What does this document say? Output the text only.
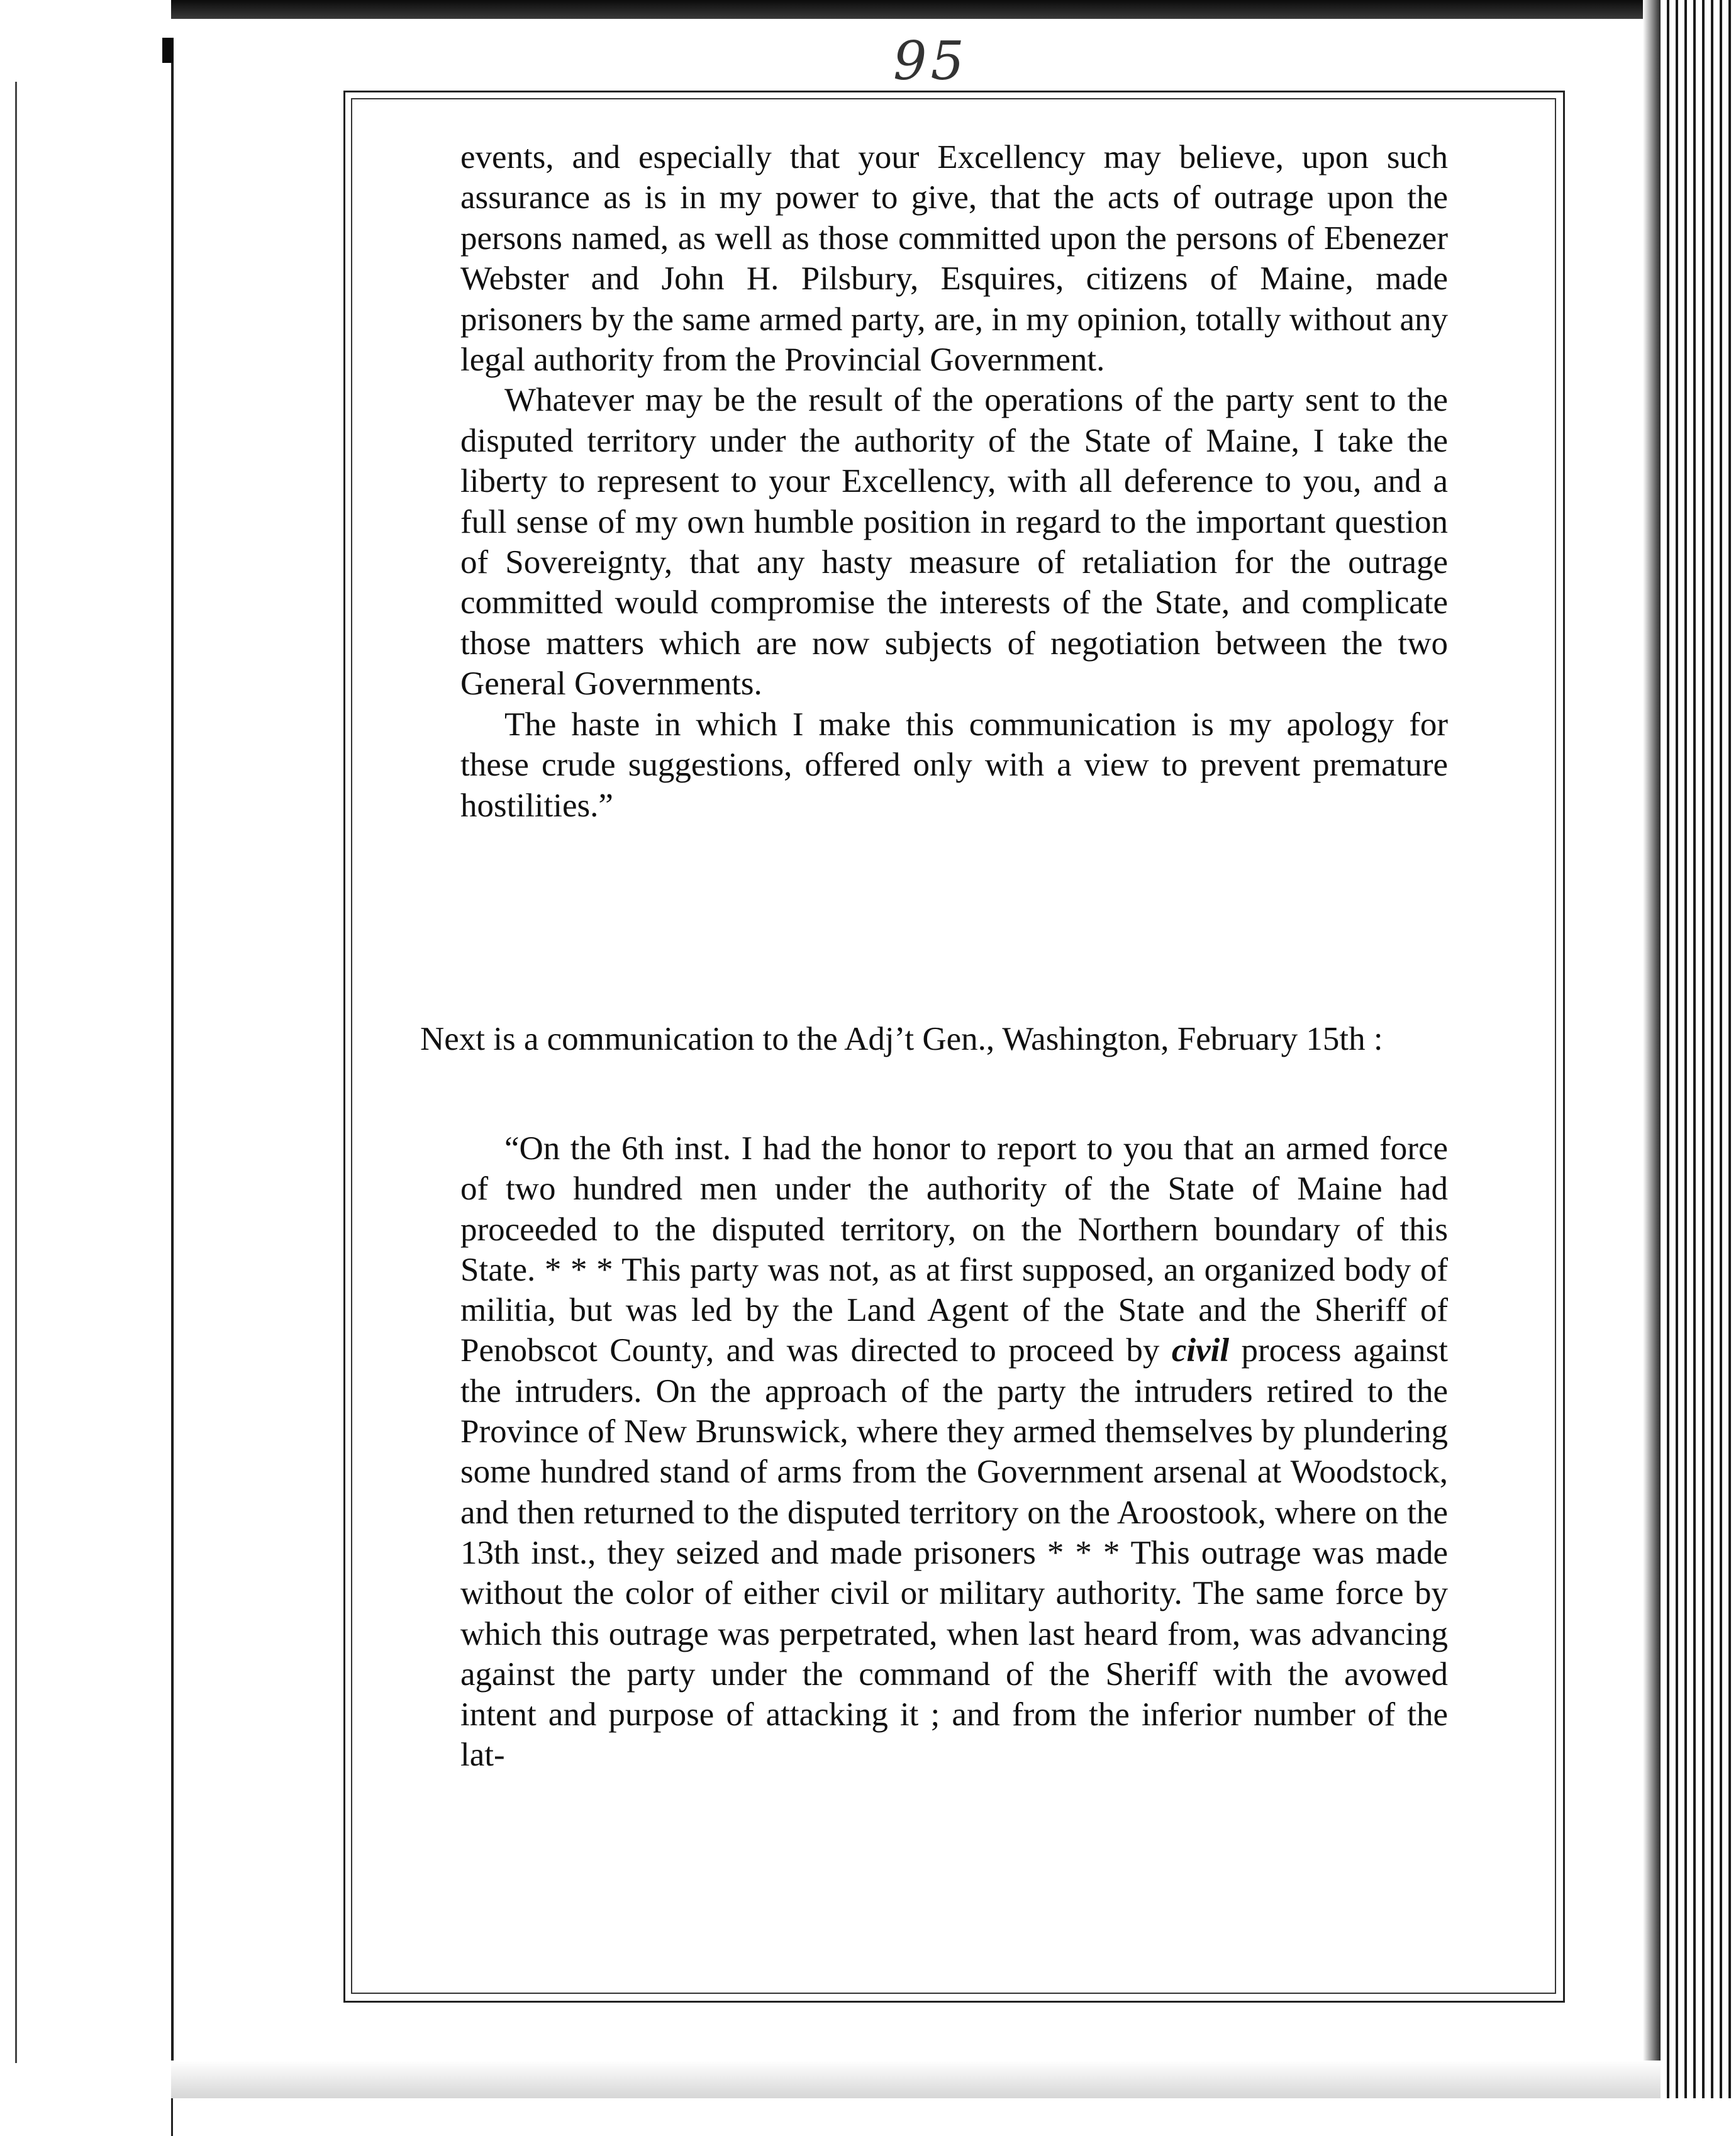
95

events, and especially that your Excellency may believe, upon such assurance as is in my power to give, that the acts of outrage upon the persons named, as well as those committed upon the persons of Ebenezer Webster and John H. Pilsbury, Esquires, citizens of Maine, made prisoners by the same armed party, are, in my opinion, totally without any legal authority from the Provincial Government.

Whatever may be the result of the operations of the party sent to the disputed territory under the authority of the State of Maine, I take the liberty to represent to your Excellency, with all deference to you, and a full sense of my own humble position in regard to the important question of Sovereignty, that any hasty measure of retaliation for the outrage committed would compromise the interests of the State, and complicate those matters which are now subjects of negotiation between the two General Governments.

The haste in which I make this communication is my apology for these crude suggestions, offered only with a view to prevent premature hostilities.”

Next is a communication to the Adj’t Gen., Washington, February 15th :

“On the 6th inst. I had the honor to report to you that an armed force of two hundred men under the authority of the State of Maine had proceeded to the disputed territory, on the Northern boundary of this State. * * * This party was not, as at first supposed, an organized body of militia, but was led by the Land Agent of the State and the Sheriff of Penobscot County, and was directed to proceed by civil process against the intruders. On the approach of the party the intruders retired to the Province of New Brunswick, where they armed themselves by plundering some hundred stand of arms from the Government arsenal at Woodstock, and then returned to the disputed territory on the Aroostook, where on the 13th inst., they seized and made prisoners * * * This outrage was made without the color of either civil or military authority. The same force by which this outrage was perpetrated, when last heard from, was advancing against the party under the command of the Sheriff with the avowed intent and purpose of attacking it ; and from the inferior number of the lat-
